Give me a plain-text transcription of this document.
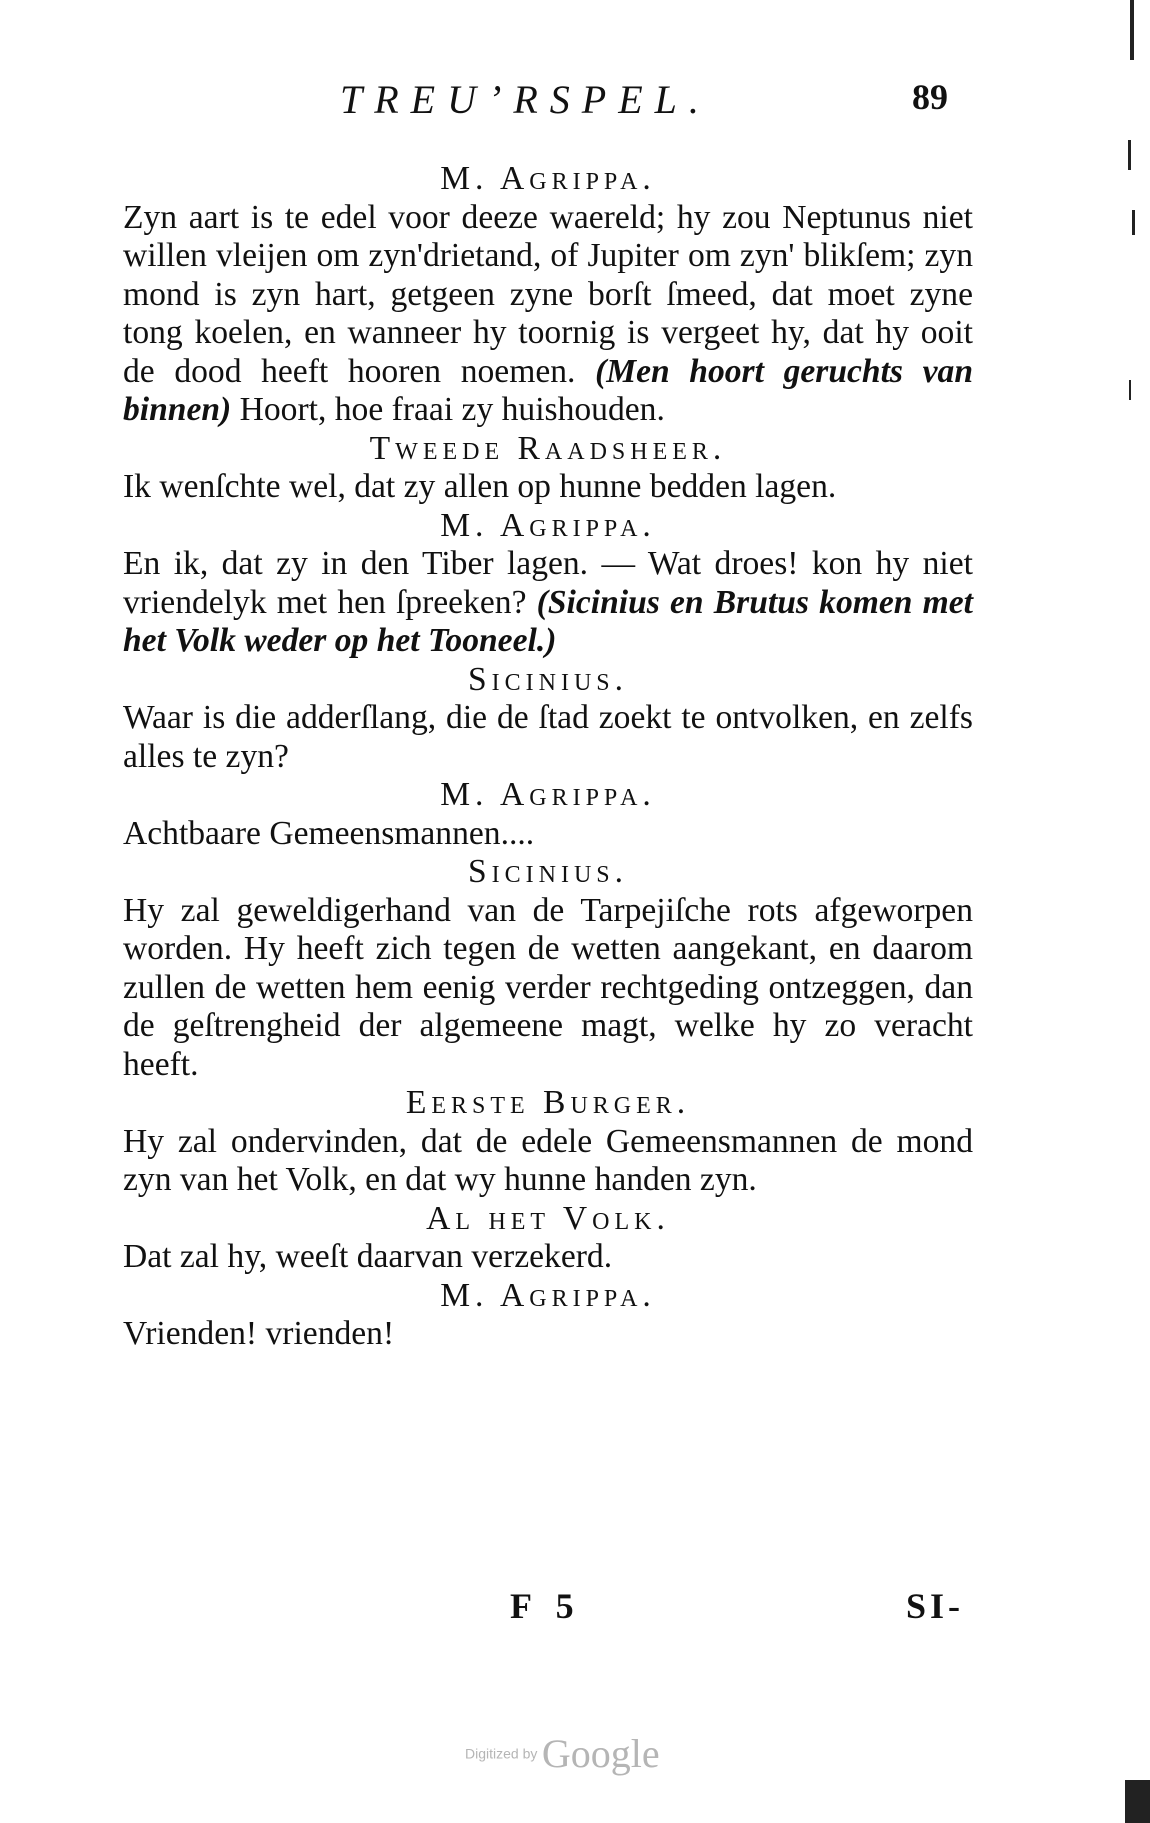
TREUʼRSPEL.	89

M. Agrippa.

Zyn aart is te edel voor deeze waereld; hy zou Neptunus niet willen vleijen om zyn'drietand, of Jupiter om zyn' blikſem; zyn mond is zyn hart, getgeen zyne borſt ſmeed, dat moet zyne tong koelen, en wanneer hy toornig is vergeet hy, dat hy ooit de dood heeft hooren noemen. (Men hoort geruchts van binnen) Hoort, hoe fraai zy huishouden.

Tweede Raadsheer.

Ik wenſchte wel, dat zy allen op hunne bedden lagen.

M. Agrippa.

En ik, dat zy in den Tiber lagen. — Wat droes! kon hy niet vriendelyk met hen ſpreeken? (Sicinius en Brutus komen met het Volk weder op het Tooneel.)

Sicinius.

Waar is die adderſlang, die de ſtad zoekt te ontvolken, en zelfs alles te zyn?

M. Agrippa.

Achtbaare Gemeensmannen....

Sicinius.

Hy zal geweldigerhand van de Tarpejiſche rots afgeworpen worden. Hy heeft zich tegen de wetten aangekant, en daarom zullen de wetten hem eenig verder rechtgeding ontzeggen, dan de geſtrengheid der algemeene magt, welke hy zo veracht heeft.

Eerste Burger.

Hy zal ondervinden, dat de edele Gemeensmannen de mond zyn van het Volk, en dat wy hunne handen zyn.

Al het Volk.

Dat zal hy, weeſt daarvan verzekerd.

M. Agrippa.

Vrienden! vrienden!

F 5	SI-
Digitized by Google
